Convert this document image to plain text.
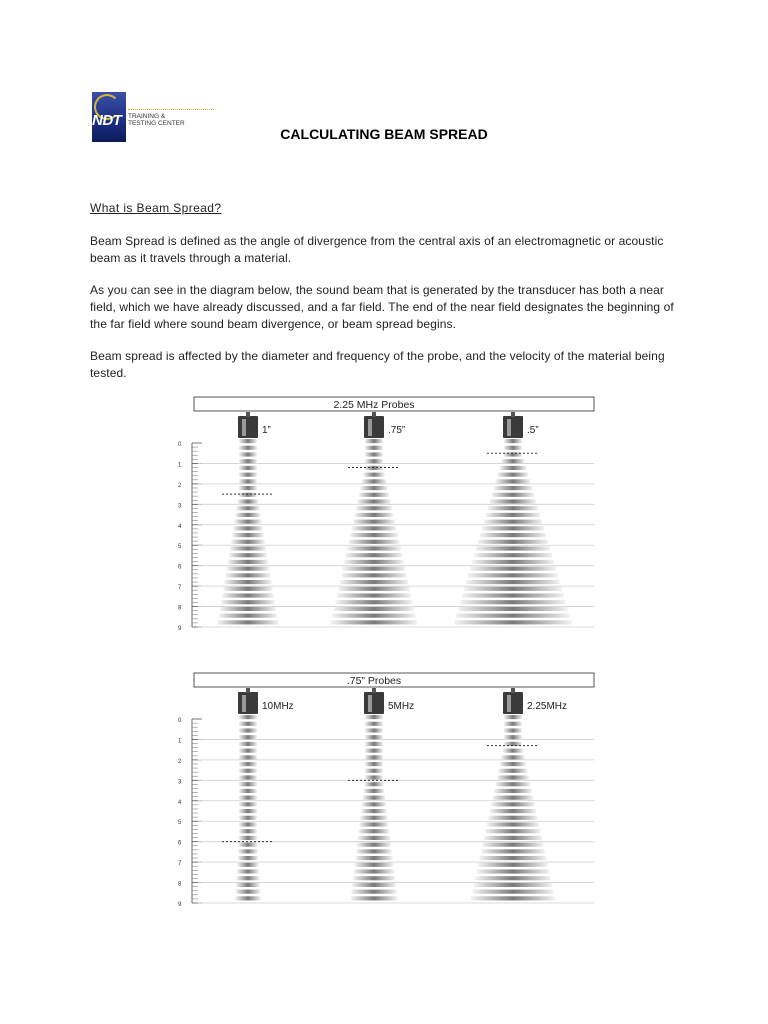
NDT TRAINING &
TESTING CENTER
CALCULATING BEAM SPREAD
What is Beam Spread?
Beam Spread is defined as the angle of divergence from the central axis of an electromagnetic or acoustic beam as it travels through a material.
As you can see in the diagram below, the sound beam that is generated by the transducer has both a near field, which we have already discussed, and a far field. The end of the near field designates the beginning of the far field where sound beam divergence, or beam spread begins.
Beam spread is affected by the diameter and frequency of the probe, and the velocity of the material being tested.
2.25 MHz Probes
0
1
2
3
4
5
6
7
8
9
1”	.75”	.5”
.75” Probes
0
1
2
3
4
5
6
7
8
9
10MHz	5MHz	2.25MHz
